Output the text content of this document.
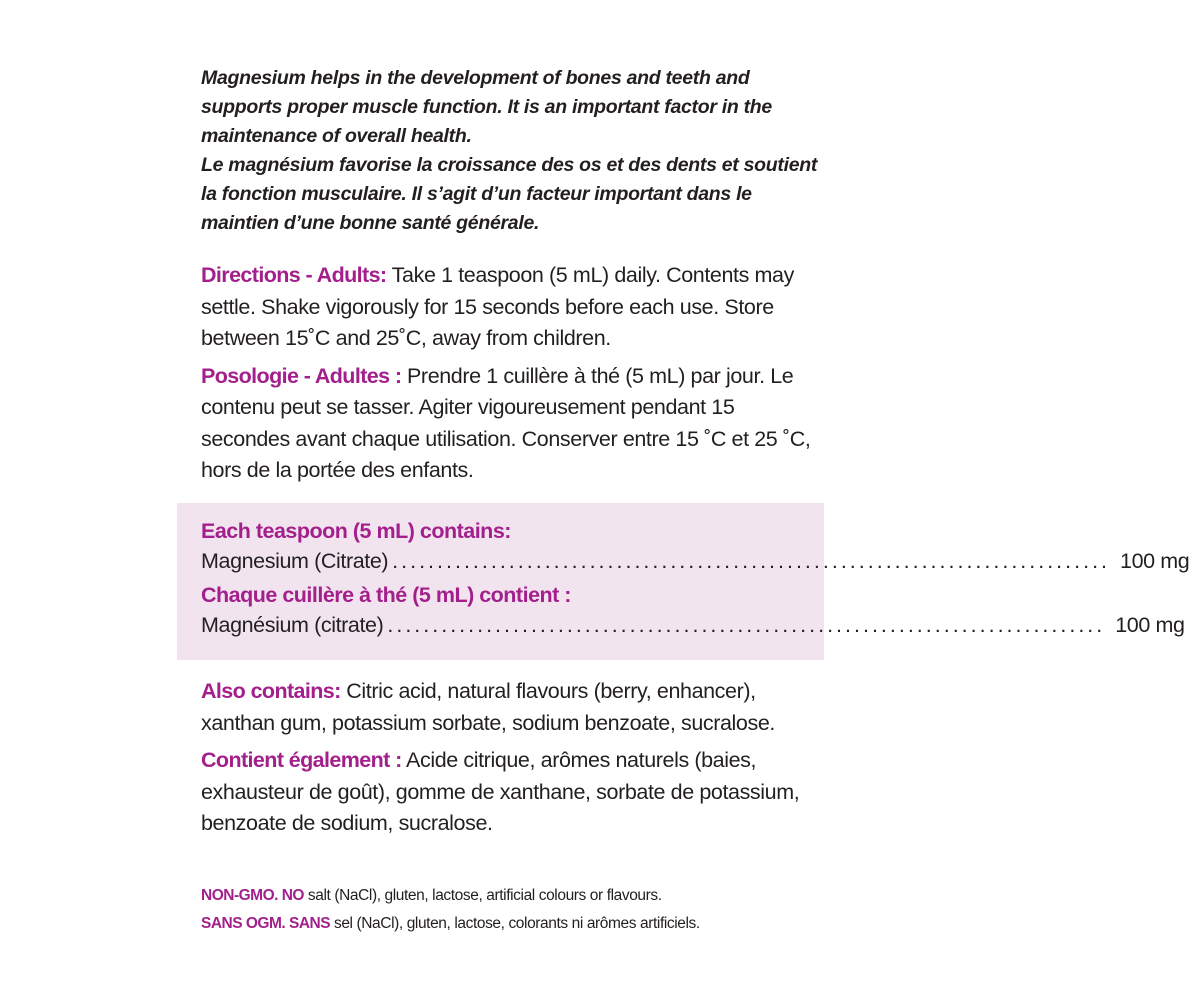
Magnesium helps in the development of bones and teeth and supports proper muscle function. It is an important factor in the maintenance of overall health.

Le magnésium favorise la croissance des os et des dents et soutient la fonction musculaire. Il s’agit d’un facteur important dans le maintien d’une bonne santé générale.

Directions - Adults: Take 1 teaspoon (5 mL) daily. Contents may settle. Shake vigorously for 15 seconds before each use. Store between 15˚C and 25˚C, away from children.

Posologie - Adultes : Prendre 1 cuillère à thé (5 mL) par jour. Le contenu peut se tasser. Agiter vigoureusement pendant 15 secondes avant chaque utilisation. Conserver entre 15 ˚C et 25 ˚C, hors de la portée des enfants.

Each teaspoon (5 mL) contains:
Magnesium (Citrate) ................................................................................ 100 mg
Chaque cuillère à thé (5 mL) contient :
Magnésium (citrate) ................................................................................ 100 mg

Also contains: Citric acid, natural flavours (berry, enhancer), xanthan gum, potassium sorbate, sodium benzoate, sucralose.

Contient également : Acide citrique, arômes naturels (baies, exhausteur de goût), gomme de xanthane, sorbate de potassium, benzoate de sodium, sucralose.

NON-GMO. NO salt (NaCl), gluten, lactose, artificial colours or flavours.

SANS OGM. SANS sel (NaCl), gluten, lactose, colorants ni arômes artificiels.
